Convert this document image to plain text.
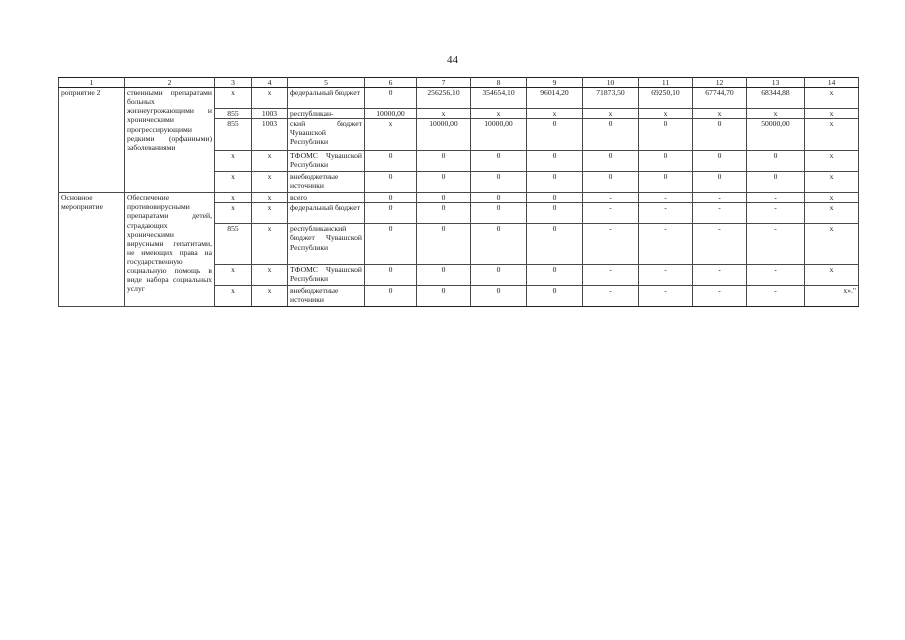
44
1	2	3	4	5	6	7	8	9	10	11	12	13	14
роприятие 2	ственными препаратами больных жизнеугрожающими и хроническими прогрессирующими редкими (орфанными) заболеваниями	х	х	федеральный бюджет	0	256256,10	354654,10	96014,20	71873,50	69250,10	67744,70	68344,88	х
		855	1003	республикан-	10000,00	х	х	х	х	х	х	х	х
		855	1003	ский бюджет Чувашской Республики	х	10000,00	10000,00	0	0	0	0	50000,00	х
		х	х	ТФОМС Чувашской Республики	0	0	0	0	0	0	0	0	х
		х	х	внебюджетные источники	0	0	0	0	0	0	0	0	х
Основное мероприятие	Обеспечение противовирусными препаратами детей, страдающих хроническими вирусными гепатитами, не имеющих права на государственную социальную помощь в виде набора социальных услуг	х	х	всего	0	0	0	0	-	-	-	-	х
		х	х	федеральный бюджет	0	0	0	0	-	-	-	-	х
		855	х	республиканский бюджет Чувашской Республики	0	0	0	0	-	-	-	-	х
		х	х	ТФОМС Чувашской Республики	0	0	0	0	-	-	-	-	х
		х	х	внебюджетные источники	0	0	0	0	-	-	-	-	х»."
